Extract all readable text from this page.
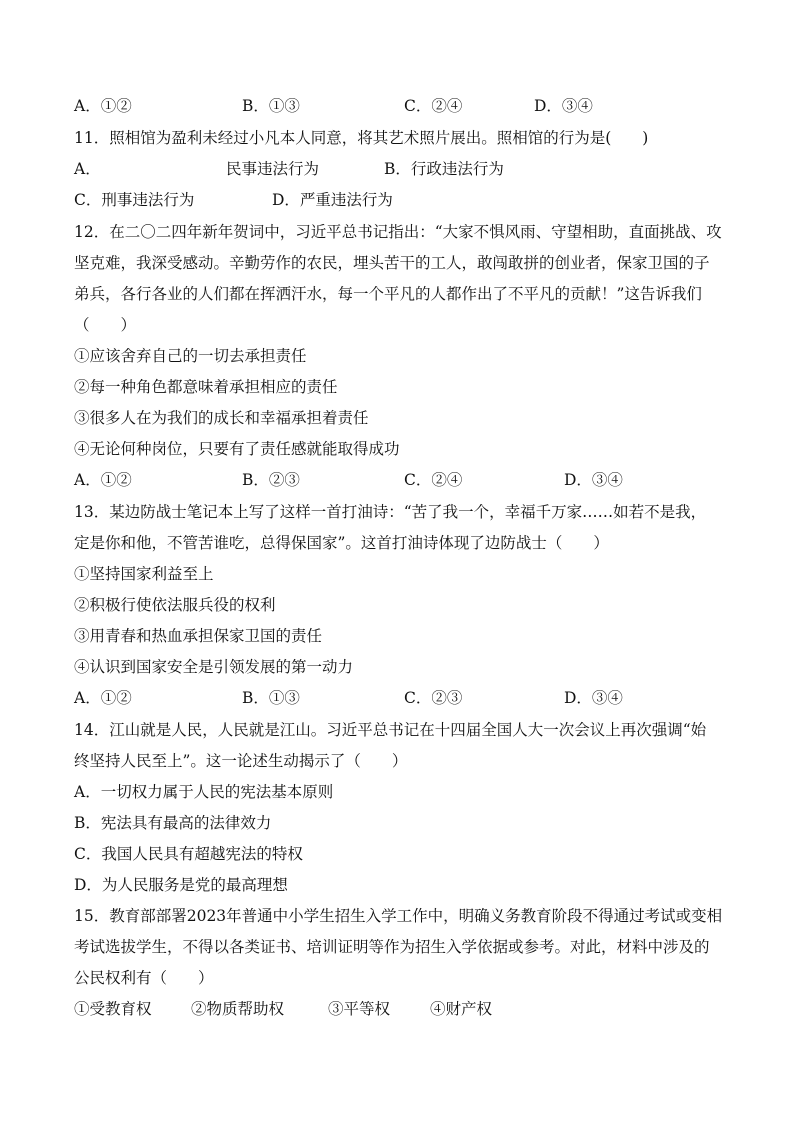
A．①②	B．①③	C．②④	D．③④
11．照相馆为盈利未经过小凡本人同意，将其艺术照片展出。照相馆的行为是(　　)
A．	民事违法行为	B．行政违法行为
C．刑事违法行为	D．严重违法行为
12．在二〇二四年新年贺词中，习近平总书记指出：“大家不惧风雨、守望相助，直面挑战、攻
坚克难，我深受感动。辛勤劳作的农民，埋头苦干的工人，敢闯敢拼的创业者，保家卫国的子
弟兵，各行各业的人们都在挥洒汗水，每一个平凡的人都作出了不平凡的贡献！”这告诉我们
（　　）
①应该舍弃自己的一切去承担责任
②每一种角色都意味着承担相应的责任
③很多人在为我们的成长和幸福承担着责任
④无论何种岗位，只要有了责任感就能取得成功
A．①②	B．②③	C．②④	D．③④
13．某边防战士笔记本上写了这样一首打油诗：“苦了我一个，幸福千万家……如若不是我，
定是你和他，不管苦谁吃，总得保国家”。这首打油诗体现了边防战士（　　）
①坚持国家利益至上
②积极行使依法服兵役的权利
③用青春和热血承担保家卫国的责任
④认识到国家安全是引领发展的第一动力
A．①②	B．①③	C．②③	D．③④
14．江山就是人民，人民就是江山。习近平总书记在十四届全国人大一次会议上再次强调“始
终坚持人民至上”。这一论述生动揭示了（　　）
A．一切权力属于人民的宪法基本原则
B．宪法具有最高的法律效力
C．我国人民具有超越宪法的特权
D．为人民服务是党的最高理想
15．教育部部署2023年普通中小学生招生入学工作中，明确义务教育阶段不得通过考试或变相
考试选拔学生，不得以各类证书、培训证明等作为招生入学依据或参考。对此，材料中涉及的
公民权利有（　　）
①受教育权	②物质帮助权	③平等权	④财产权
